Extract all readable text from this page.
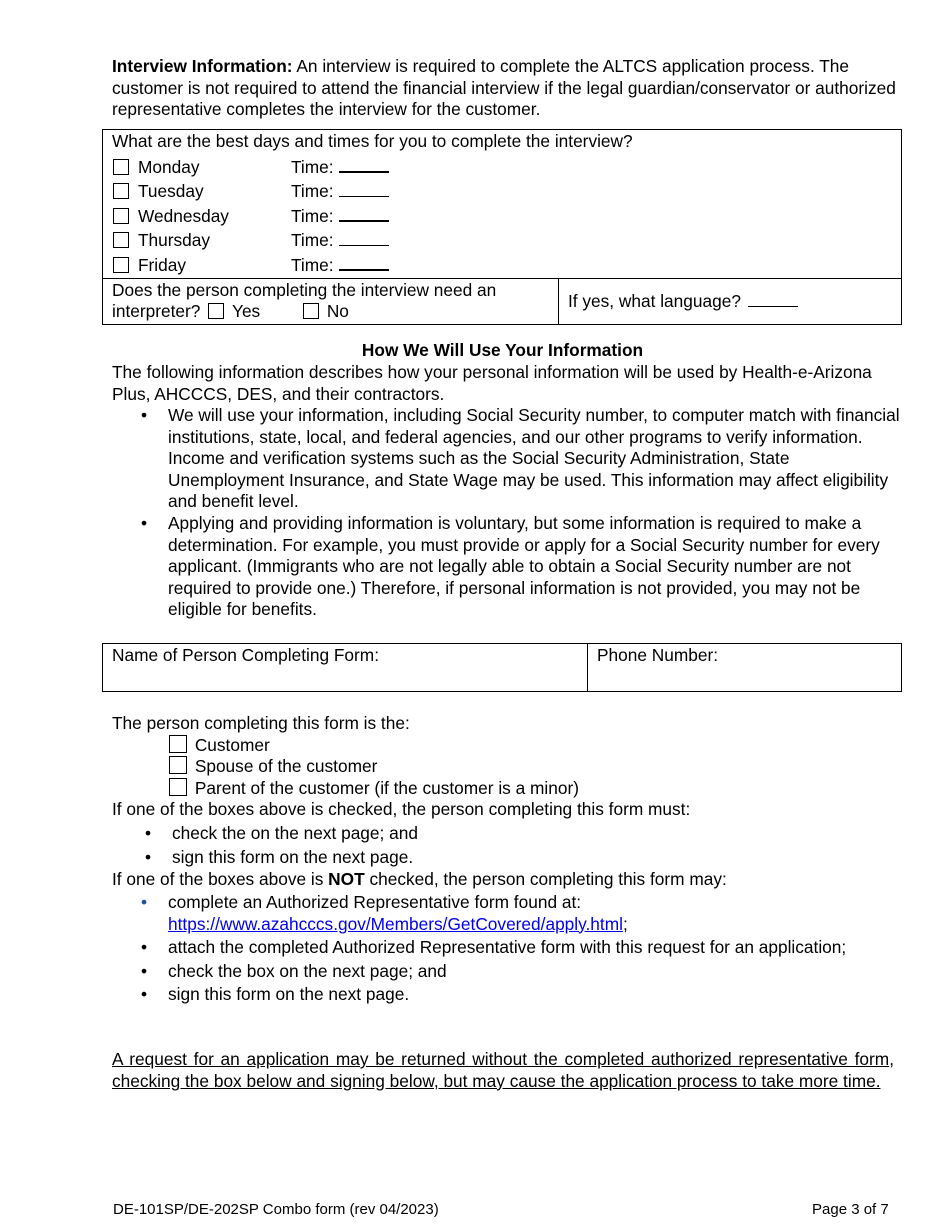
Interview Information: An interview is required to complete the ALTCS application process. The customer is not required to attend the financial interview if the legal guardian/conservator or authorized representative completes the interview for the customer.
What are the best days and times for you to complete the interview?
Monday	Time:
Tuesday	Time:
Wednesday	Time:
Thursday	Time:
Friday	Time:
Does the person completing the interview need an
interpreter? Yes	No	If yes, what language?
How We Will Use Your Information
The following information describes how your personal information will be used by Health-e-Arizona Plus, AHCCCS, DES, and their contractors.
• We will use your information, including Social Security number, to computer match with financial institutions, state, local, and federal agencies, and our other programs to verify information. Income and verification systems such as the Social Security Administration, State Unemployment Insurance, and State Wage may be used. This information may affect eligibility and benefit level.
• Applying and providing information is voluntary, but some information is required to make a determination. For example, you must provide or apply for a Social Security number for every applicant. (Immigrants who are not legally able to obtain a Social Security number are not required to provide one.) Therefore, if personal information is not provided, you may not be eligible for benefits.
Name of Person Completing Form:	Phone Number:
The person completing this form is the:
Customer
Spouse of the customer
Parent of the customer (if the customer is a minor)
If one of the boxes above is checked, the person completing this form must:
• check the on the next page; and
• sign this form on the next page.
If one of the boxes above is NOT checked, the person completing this form may:
• complete an Authorized Representative form found at:
https://www.azahcccs.gov/Members/GetCovered/apply.html;
• attach the completed Authorized Representative form with this request for an application;
• check the box on the next page; and
• sign this form on the next page.
A request for an application may be returned without the completed authorized representative form, checking the box below and signing below, but may cause the application process to take more time.
DE-101SP/DE-202SP Combo form (rev 04/2023)	Page 3 of 7
